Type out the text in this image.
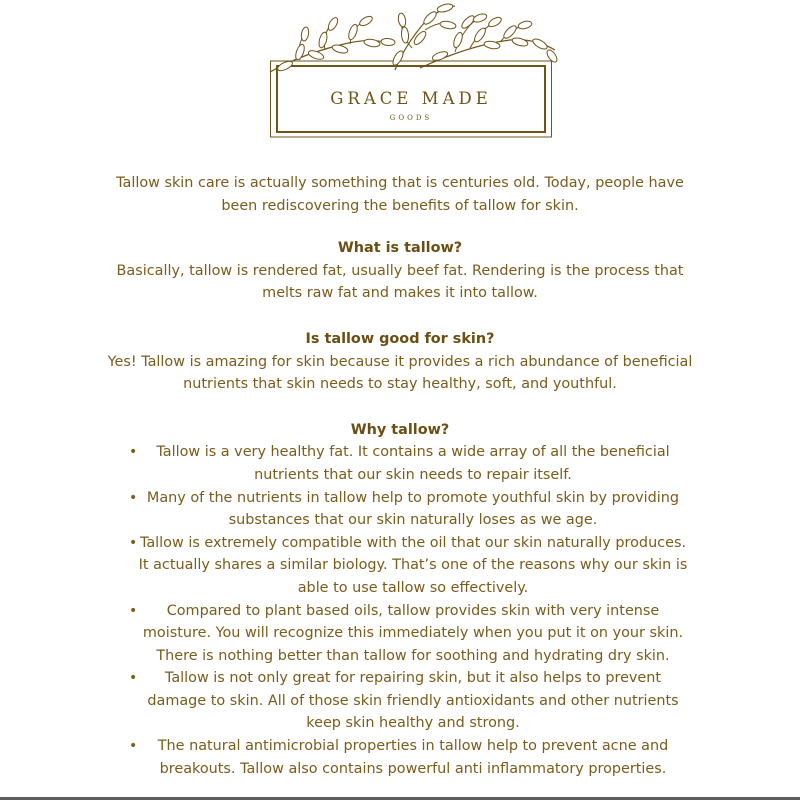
GRACE MADE
GOODS

Tallow skin care is actually something that is centuries old. Today, people have been rediscovering the benefits of tallow for skin.

What is tallow?

Basically, tallow is rendered fat, usually beef fat. Rendering is the process that melts raw fat and makes it into tallow.

Is tallow good for skin?

Yes! Tallow is amazing for skin because it provides a rich abundance of beneficial nutrients that skin needs to stay healthy, soft, and youthful.

Why tallow?
• Tallow is a very healthy fat. It contains a wide array of all the beneficial nutrients that our skin needs to repair itself.
• Many of the nutrients in tallow help to promote youthful skin by providing substances that our skin naturally loses as we age.
• Tallow is extremely compatible with the oil that our skin naturally produces. It actually shares a similar biology. That’s one of the reasons why our skin is able to use tallow so effectively.
• Compared to plant based oils, tallow provides skin with very intense moisture. You will recognize this immediately when you put it on your skin. There is nothing better than tallow for soothing and hydrating dry skin.
• Tallow is not only great for repairing skin, but it also helps to prevent damage to skin. All of those skin friendly antioxidants and other nutrients keep skin healthy and strong.
• The natural antimicrobial properties in tallow help to prevent acne and breakouts. Tallow also contains powerful anti inflammatory properties.
